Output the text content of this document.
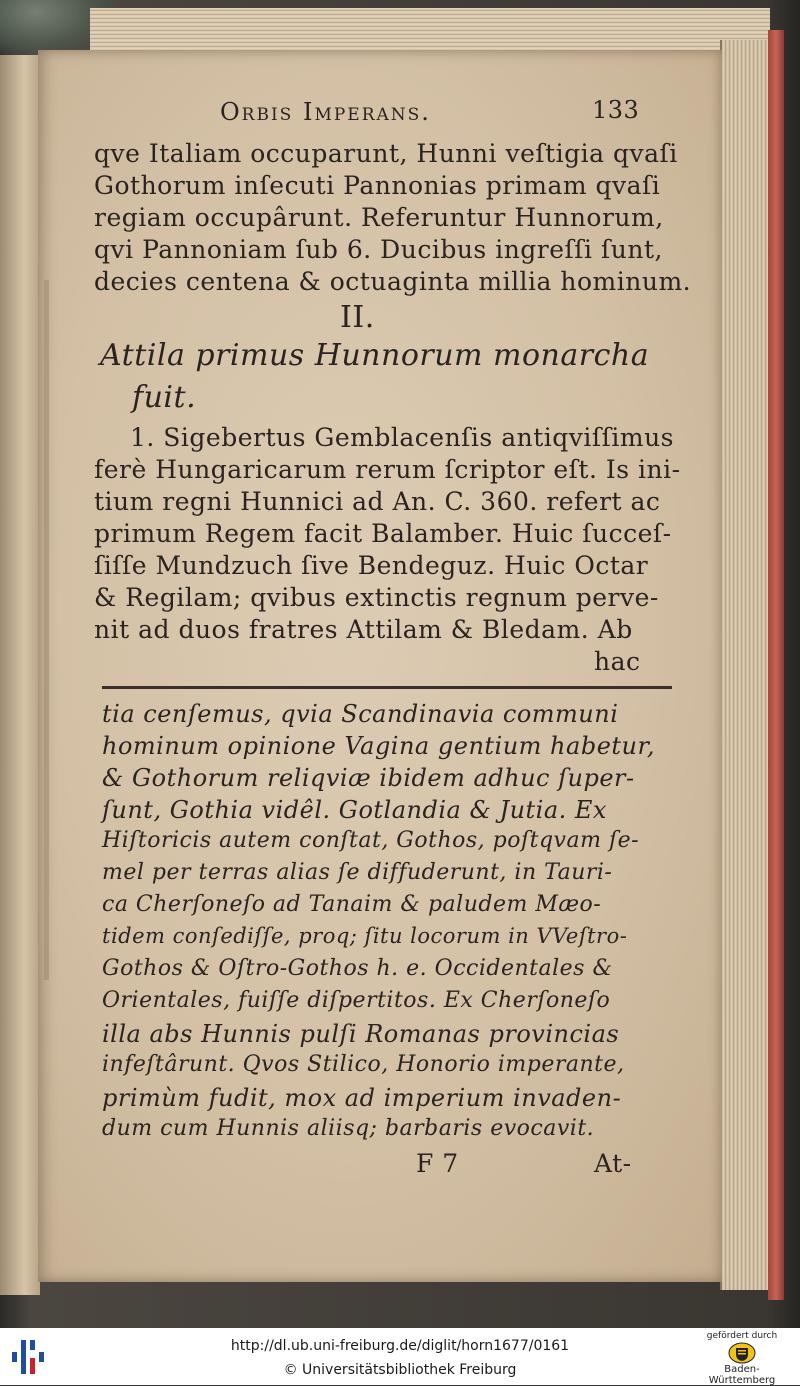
Orbis Imperans.	133
qve Italiam occuparunt, Hunni veſtigia qvaſi
Gothorum inſecuti Pannonias primam qvaſi
regiam occupârunt. Referuntur Hunnorum,
qvi Pannoniam ſub 6. Ducibus ingreſſi ſunt,
decies centena & octuaginta millia hominum.
II.
Attila primus Hunnorum monarcha
fuit.
1. Sigebertus Gemblacenſis antiqviſſimus
ferè Hungaricarum rerum ſcriptor eſt. Is ini-
tium regni Hunnici ad An. C. 360. refert ac
primum Regem facit Balamber. Huic ſucceſ-
ſiſſe Mundzuch ſive Bendeguz. Huic Octar
& Regilam; qvibus extinctis regnum perve-
nit ad duos fratres Attilam & Bledam. Ab
hac
tia cenſemus, qvia Scandinavia communi
hominum opinione Vagina gentium habetur,
& Gothorum reliqviæ ibidem adhuc ſuper-
ſunt, Gothia vidêl. Gotlandia & Jutia. Ex
Hiſtoricis autem conſtat, Gothos, poſtqvam ſe-
mel per terras alias ſe diffuderunt, in Tauri-
ca Cherſoneſo ad Tanaim & paludem Mæo-
tidem conſediſſe, proq; ſitu locorum in VVeſtro-
Gothos & Oſtro-Gothos h. e. Occidentales &
Orientales, fuiſſe diſpertitos. Ex Cherſoneſo
illa abs Hunnis pulſi Romanas provincias
infeſtârunt. Qvos Stilico, Honorio imperante,
primùm fudit, mox ad imperium invaden-
dum cum Hunnis aliisq; barbaris evocavit.
F 7	At-
http://dl.ub.uni-freiburg.de/diglit/horn1677/0161
© Universitätsbibliothek Freiburg
gefördert durch
Baden-Württemberg
